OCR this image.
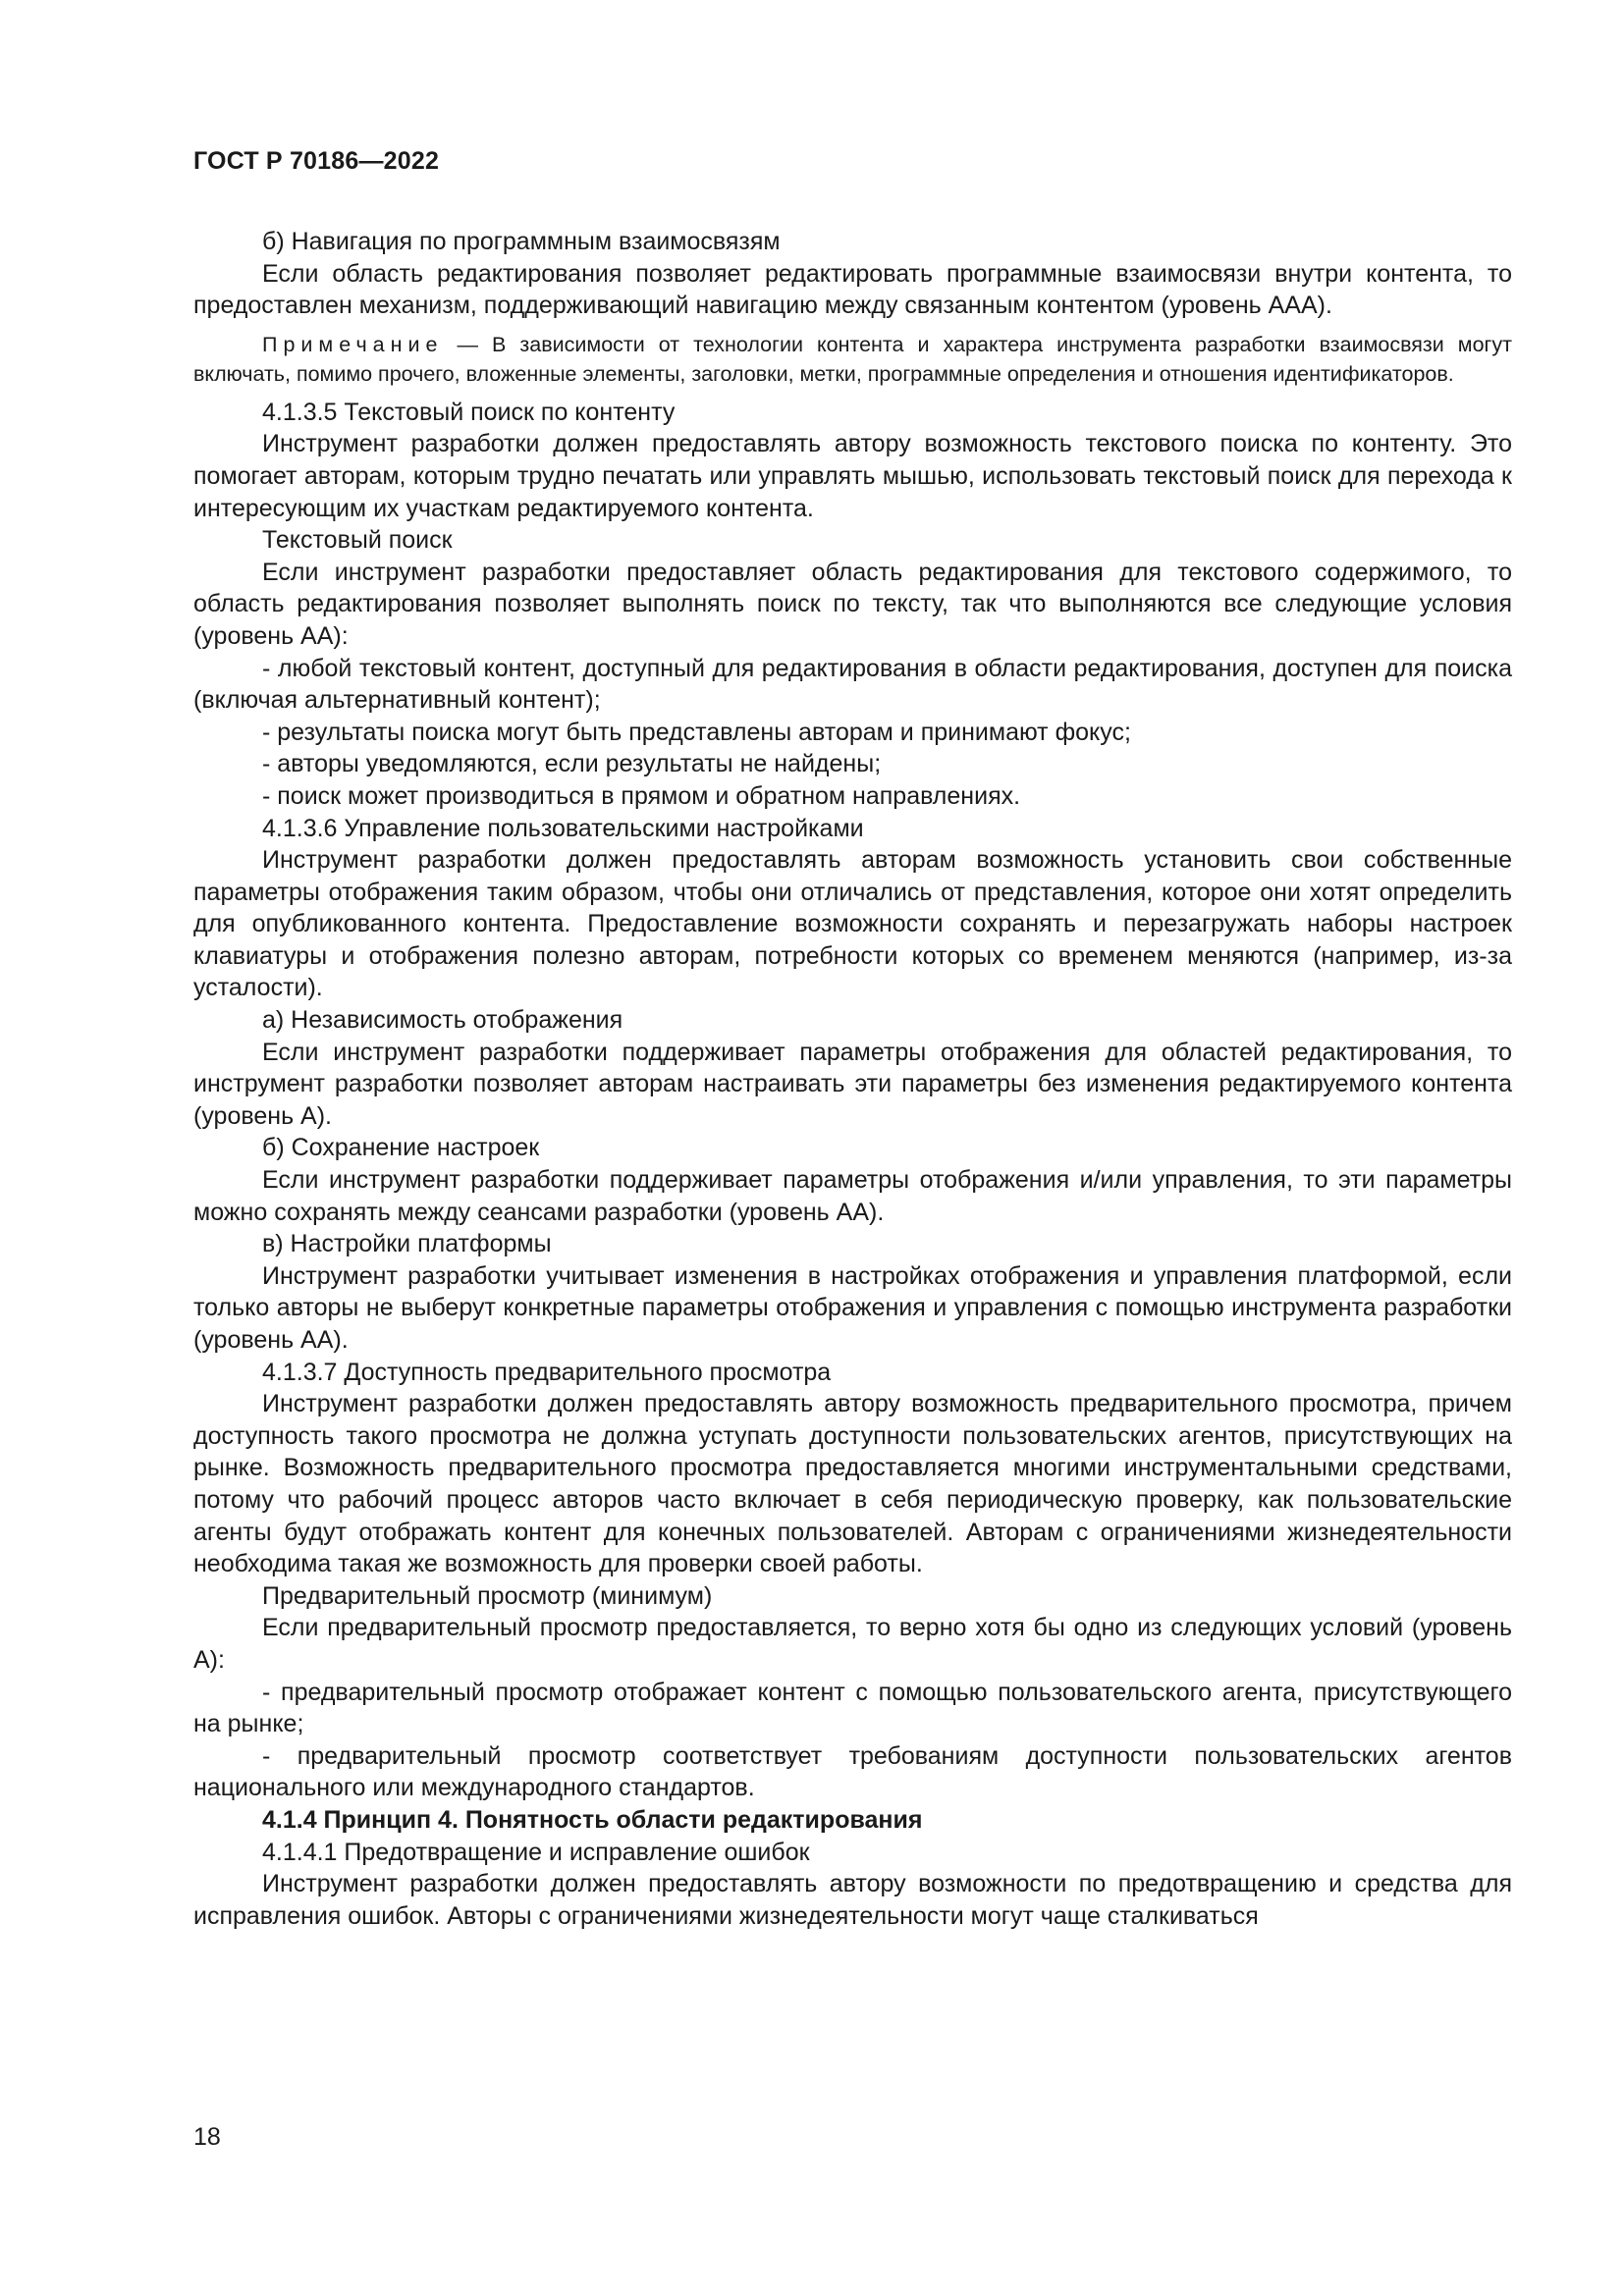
ГОСТ Р 70186—2022

б) Навигация по программным взаимосвязям

Если область редактирования позволяет редактировать программные взаимосвязи внутри контента, то предоставлен механизм, поддерживающий навигацию между связанным контентом (уровень ААА).

Примечание — В зависимости от технологии контента и характера инструмента разработки взаимосвязи могут включать, помимо прочего, вложенные элементы, заголовки, метки, программные определения и отношения идентификаторов.

4.1.3.5 Текстовый поиск по контенту

Инструмент разработки должен предоставлять автору возможность текстового поиска по контенту. Это помогает авторам, которым трудно печатать или управлять мышью, использовать текстовый поиск для перехода к интересующим их участкам редактируемого контента.

Текстовый поиск

Если инструмент разработки предоставляет область редактирования для текстового содержимого, то область редактирования позволяет выполнять поиск по тексту, так что выполняются все следующие условия (уровень АА):

- любой текстовый контент, доступный для редактирования в области редактирования, доступен для поиска (включая альтернативный контент);

- результаты поиска могут быть представлены авторам и принимают фокус;

- авторы уведомляются, если результаты не найдены;

- поиск может производиться в прямом и обратном направлениях.

4.1.3.6 Управление пользовательскими настройками

Инструмент разработки должен предоставлять авторам возможность установить свои собственные параметры отображения таким образом, чтобы они отличались от представления, которое они хотят определить для опубликованного контента. Предоставление возможности сохранять и перезагружать наборы настроек клавиатуры и отображения полезно авторам, потребности которых со временем меняются (например, из-за усталости).

а) Независимость отображения

Если инструмент разработки поддерживает параметры отображения для областей редактирования, то инструмент разработки позволяет авторам настраивать эти параметры без изменения редактируемого контента (уровень А).

б) Сохранение настроек

Если инструмент разработки поддерживает параметры отображения и/или управления, то эти параметры можно сохранять между сеансами разработки (уровень АА).

в) Настройки платформы

Инструмент разработки учитывает изменения в настройках отображения и управления платформой, если только авторы не выберут конкретные параметры отображения и управления с помощью инструмента разработки (уровень АА).

4.1.3.7 Доступность предварительного просмотра

Инструмент разработки должен предоставлять автору возможность предварительного просмотра, причем доступность такого просмотра не должна уступать доступности пользовательских агентов, присутствующих на рынке. Возможность предварительного просмотра предоставляется многими инструментальными средствами, потому что рабочий процесс авторов часто включает в себя периодическую проверку, как пользовательские агенты будут отображать контент для конечных пользователей. Авторам с ограничениями жизнедеятельности необходима такая же возможность для проверки своей работы.

Предварительный просмотр (минимум)

Если предварительный просмотр предоставляется, то верно хотя бы одно из следующих условий (уровень А):

- предварительный просмотр отображает контент с помощью пользовательского агента, присутствующего на рынке;

- предварительный просмотр соответствует требованиям доступности пользовательских агентов национального или международного стандартов.

4.1.4 Принцип 4. Понятность области редактирования

4.1.4.1 Предотвращение и исправление ошибок

Инструмент разработки должен предоставлять автору возможности по предотвращению и средства для исправления ошибок. Авторы с ограничениями жизнедеятельности могут чаще сталкиваться

18
